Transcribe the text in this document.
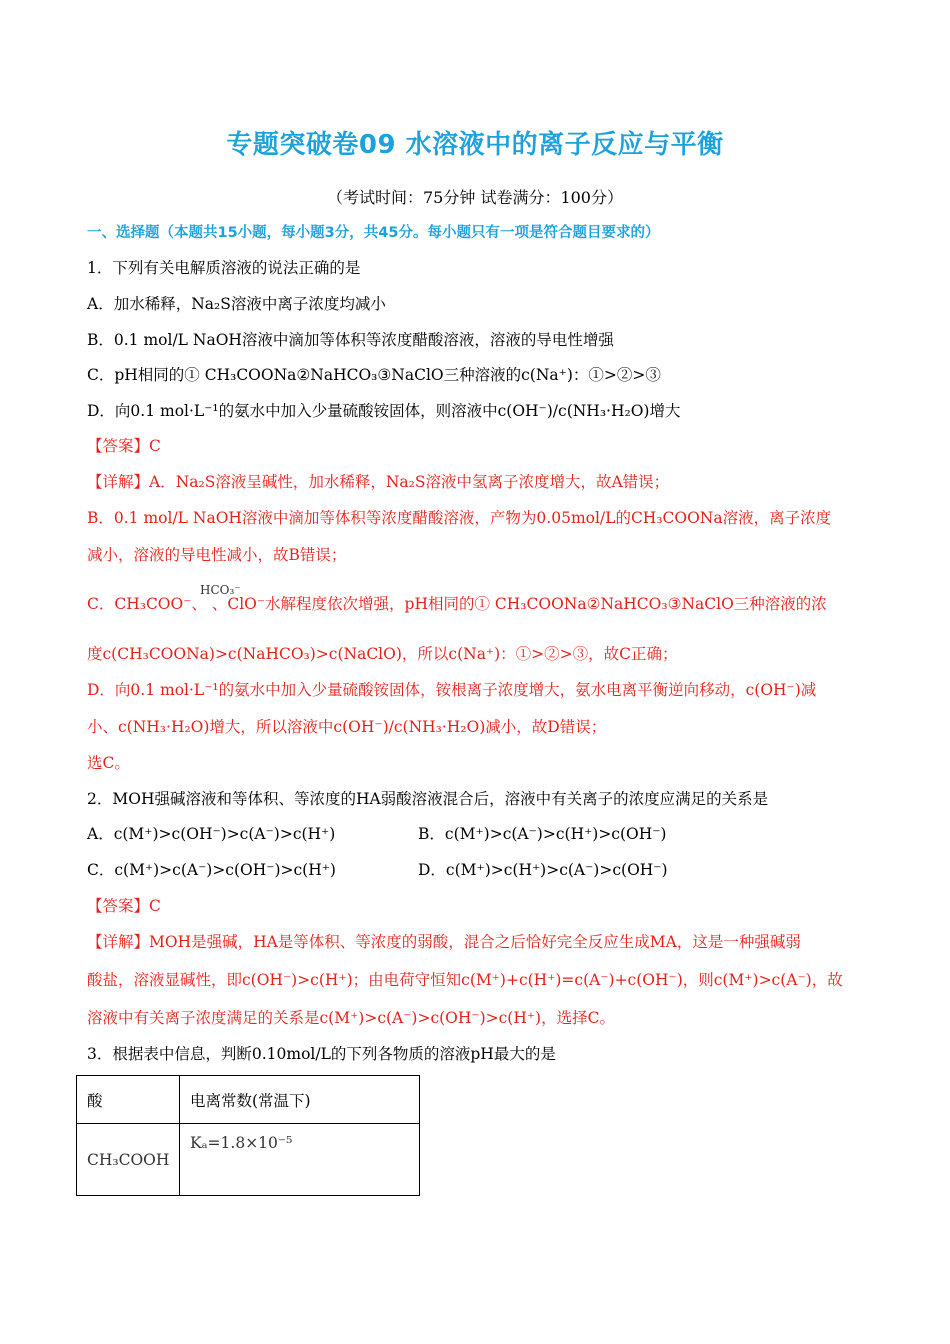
专题突破卷09 水溶液中的离子反应与平衡
（考试时间：75分钟 试卷满分：100分）
一、选择题（本题共15小题，每小题3分，共45分。每小题只有一项是符合题目要求的）
1．下列有关电解质溶液的说法正确的是
A．加水稀释，Na₂S溶液中离子浓度均减小
B．0.1 mol/L NaOH溶液中滴加等体积等浓度醋酸溶液，溶液的导电性增强
C．pH相同的① CH₃COONa②NaHCO₃③NaClO三种溶液的c(Na⁺)：①>②>③
D．向0.1 mol·L⁻¹的氨水中加入少量硫酸铵固体，则溶液中c(OH⁻)/c(NH₃·H₂O)增大
【答案】C
【详解】A．Na₂S溶液呈碱性，加水稀释，Na₂S溶液中氢离子浓度增大，故A错误；
B．0.1 mol/L NaOH溶液中滴加等体积等浓度醋酸溶液，产物为0.05mol/L的CH₃COONa溶液，离子浓度
减小，溶液的导电性减小，故B错误；
HCO₃⁻
C．CH₃COO⁻、 、ClO⁻水解程度依次增强，pH相同的① CH₃COONa②NaHCO₃③NaClO三种溶液的浓
度c(CH₃COONa)>c(NaHCO₃)>c(NaClO)，所以c(Na⁺)：①>②>③，故C正确；
D．向0.1 mol·L⁻¹的氨水中加入少量硫酸铵固体，铵根离子浓度增大，氨水电离平衡逆向移动，c(OH⁻)减
小、c(NH₃·H₂O)增大，所以溶液中c(OH⁻)/c(NH₃·H₂O)减小，故D错误；
选C。
2．MOH强碱溶液和等体积、等浓度的HA弱酸溶液混合后，溶液中有关离子的浓度应满足的关系是
A．c(M⁺)>c(OH⁻)>c(A⁻)>c(H⁺)	B．c(M⁺)>c(A⁻)>c(H⁺)>c(OH⁻)
C．c(M⁺)>c(A⁻)>c(OH⁻)>c(H⁺)	D．c(M⁺)>c(H⁺)>c(A⁻)>c(OH⁻)
【答案】C
【详解】MOH是强碱，HA是等体积、等浓度的弱酸，混合之后恰好完全反应生成MA，这是一种强碱弱
酸盐，溶液显碱性，即c(OH⁻)>c(H⁺)；由电荷守恒知c(M⁺)+c(H⁺)=c(A⁻)+c(OH⁻)，则c(M⁺)>c(A⁻)，故
溶液中有关离子浓度满足的关系是c(M⁺)>c(A⁻)>c(OH⁻)>c(H⁺)，选择C。
3．根据表中信息，判断0.10mol/L的下列各物质的溶液pH最大的是
酸	电离常数(常温下)
CH₃COOH	Kₐ=1.8×10⁻⁵
